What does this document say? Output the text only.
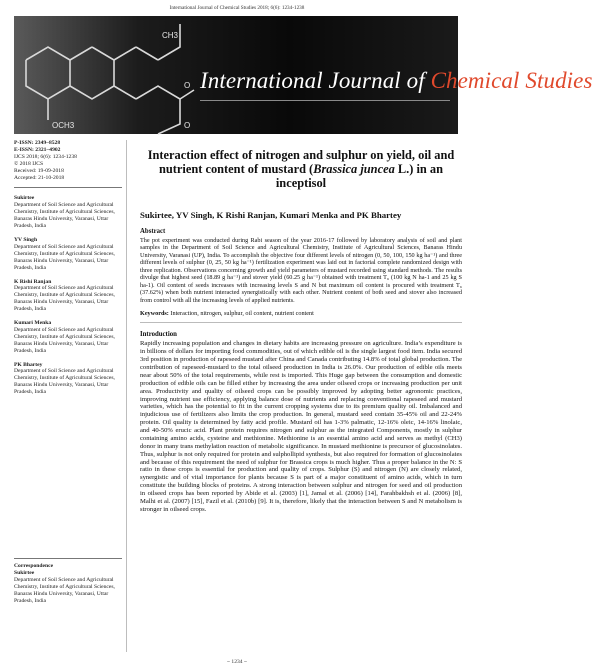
International Journal of Chemical Studies 2018; 6(6): 1234-1238
CH3
OCH3
O
O
International Journal of Chemical Studies
P-ISSN: 2349–8528
E-ISSN: 2321–4902
IJCS 2018; 6(6): 1234-1238
© 2018 IJCS
Received: 19-09-2018
Accepted: 21-10-2018
Sukirtee
Department of Soil Science and Agricultural Chemistry, Institute of Agricultural Sciences, Banaras Hindu University, Varanasi, Uttar Pradesh, India
YV Singh
Department of Soil Science and Agricultural Chemistry, Institute of Agricultural Sciences, Banaras Hindu University, Varanasi, Uttar Pradesh, India
K Rishi Ranjan
Department of Soil Science and Agricultural Chemistry, Institute of Agricultural Sciences, Banaras Hindu University, Varanasi, Uttar Pradesh, India
Kumari Menka
Department of Soil Science and Agricultural Chemistry, Institute of Agricultural Sciences, Banaras Hindu University, Varanasi, Uttar Pradesh, India
PK Bhartey
Department of Soil Science and Agricultural Chemistry, Institute of Agricultural Sciences, Banaras Hindu University, Varanasi, Uttar Pradesh, India
Correspondence
Sukirtee
Department of Soil Science and Agricultural Chemistry, Institute of Agricultural Sciences, Banaras Hindu University, Varanasi, Uttar Pradesh, India
Interaction effect of nitrogen and sulphur on yield, oil and nutrient content of mustard (Brassica juncea L.) in an inceptisol
Sukirtee, YV Singh, K Rishi Ranjan, Kumari Menka and PK Bhartey
Abstract
The pot experiment was conducted during Rabi season of the year 2016-17 followed by laboratory analysis of soil and plant samples in the Department of Soil Science and Agricultural Chemistry, Institute of Agricultural Sciences, Banaras Hindu University, Varanasi (UP), India. To accomplish the objective four different levels of nitrogen (0, 50, 100, 150 kg ha⁻¹) and three different levels of sulphur (0, 25, 50 kg ha⁻¹) fertilization experiment was laid out in factorial complete randomized design with three replication. Observations concerning growth and yield parameters of mustard recorded using standard methods. The results divulge that highest seed (18.89 g ha⁻¹) and stover yield (60.25 g ha⁻¹) obtained with treatment T₆ (100 kg N ha-1 and 25 kg S ha-1). Oil content of seeds increases with increasing levels S and N but maximum oil content is procured with treatment T₆ (37.62%) when both nutrient interacted synergistically with each other. Nutrient content of both seed and stover also increased from control with all the increasing levels of applied nutrients.
Keywords: Interaction, nitrogen, sulphur, oil content, nutrient content
Introduction
Rapidly increasing population and changes in dietary habits are increasing pressure on agriculture. India’s expenditure is in billions of dollars for importing food commodities, out of which edible oil is the single largest food item. India secured 3rd position in production of rapeseed mustard after China and Canada contributing 14.8% of total global production. The contribution of rapeseed-mustard to the total oilseed production in India is 26.0%. Our production of edible oils meets near about 50% of the total requirements, while rest is imported. This Huge gap between the consumption and domestic production of edible oils can be filled either by increasing the area under oilseed crops or increasing production per unit area. Productivity and quality of oilseed crops can be possibly improved by adopting better agronomic practices, improving nutrient use efficiency, applying balance dose of nutrients and replacing conventional rapeseed and mustard varieties, which has the potential to fit in the current cropping systems due to its premium quality oil. Imbalanced and injudicious use of fertilizers also limits the crop production. In general, mustard seed contain 35-45% oil and 22-24% protein. Oil quality is determined by fatty acid profile. Mustard oil has 1-3% palmatic, 12-16% oleic, 14-16% linolaic, and 40-50% erucic acid. Plant protein requires nitrogen and sulphur as the integrated Components, mostly in sulphur containing amino acids, cysteine and methionine. Methionine is an essential amino acid and serves as methyl (CH3) donor in many trans methylation reaction of metabolic significance. In mustard methionine is precursor of glucosinolates. Thus, sulphur is not only required for protein and sulphollipid synthesis, but also required for formation of glucosinolates and because of this requirement the need of sulphur for Brassica crops is much higher. Thus a proper balance in the N: S ratio in these crops is essential for production and quality of crops. Sulphur (S) and nitrogen (N) are closely related, synergistic and of vital importance for plants because S is part of a major constituent of amino acids, which in turn constitute the building blocks of proteins. A strong interaction between sulphur and nitrogen for seed and oil production in oilseed crops has been reported by Abide et al. (2003) [1], Jamal et al. (2006) [14], Farahbakhsh et al. (2006) [8], Malhi et al. (2007) [15], Fazil et al. (2010b) [9]. It is, therefore, likely that the interaction between S and N metabolism is stronger in oilseed crops.
~ 1234 ~
